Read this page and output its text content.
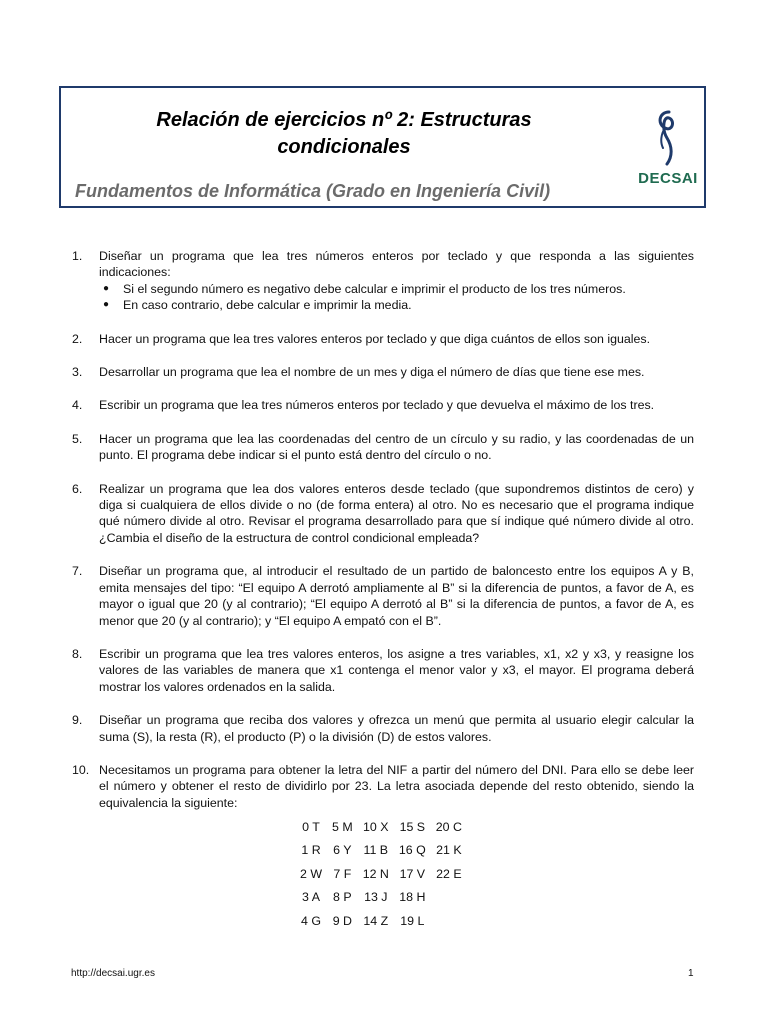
Relación de ejercicios nº 2: Estructuras
condicionales
Fundamentos de Informática (Grado en Ingeniería Civil)
DECSAI
1. Diseñar un programa que lea tres números enteros por teclado y que responda a las siguientes indicaciones:
● Si el segundo número es negativo debe calcular e imprimir el producto de los tres números.
● En caso contrario, debe calcular e imprimir la media.
2. Hacer un programa que lea tres valores enteros por teclado y que diga cuántos de ellos son iguales.
3. Desarrollar un programa que lea el nombre de un mes y diga el número de días que tiene ese mes.
4. Escribir un programa que lea tres números enteros por teclado y que devuelva el máximo de los tres.
5. Hacer un programa que lea las coordenadas del centro de un círculo y su radio, y las coordenadas de un punto. El programa debe indicar si el punto está dentro del círculo o no.
6. Realizar un programa que lea dos valores enteros desde teclado (que supondremos distintos de cero) y diga si cualquiera de ellos divide o no (de forma entera) al otro. No es necesario que el programa indique qué número divide al otro. Revisar el programa desarrollado para que sí indique qué número divide al otro. ¿Cambia el diseño de la estructura de control condicional empleada?
7. Diseñar un programa que, al introducir el resultado de un partido de baloncesto entre los equipos A y B, emita mensajes del tipo: “El equipo A derrotó ampliamente al B” si la diferencia de puntos, a favor de A, es mayor o igual que 20 (y al contrario); “El equipo A derrotó al B” si la diferencia de puntos, a favor de A, es menor que 20 (y al contrario); y “El equipo A empató con el B”.
8. Escribir un programa que lea tres valores enteros, los asigne a tres variables, x1, x2 y x3, y reasigne los valores de las variables de manera que x1 contenga el menor valor y x3, el mayor. El programa deberá mostrar los valores ordenados en la salida.
9. Diseñar un programa que reciba dos valores y ofrezca un menú que permita al usuario elegir calcular la suma (S), la resta (R), el producto (P) o la división (D) de estos valores.
10. Necesitamos un programa para obtener la letra del NIF a partir del número del DNI. Para ello se debe leer el número y obtener el resto de dividirlo por 23. La letra asociada depende del resto obtenido, siendo la equivalencia la siguiente:
0 T	5 M	10 X	15 S	20 C
1 R	6 Y	11 B	16 Q	21 K
2 W	7 F	12 N	17 V	22 E
3 A	8 P	13 J	18 H	
4 G	9 D	14 Z	19 L	
http://decsai.ugr.es	1
